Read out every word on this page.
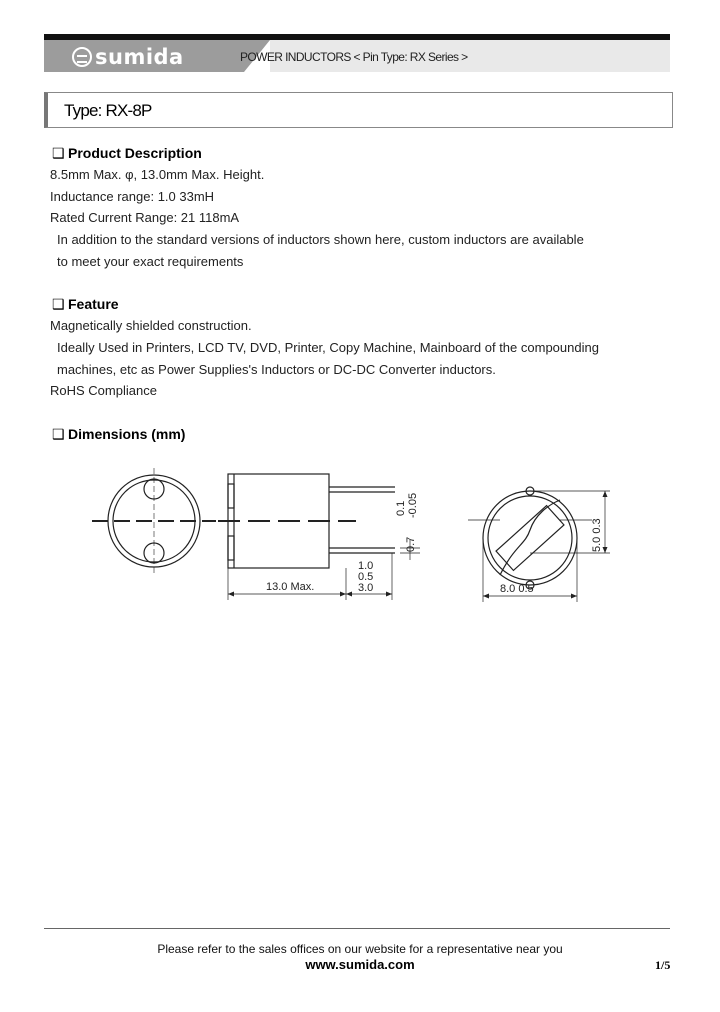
sumida	POWER INDUCTORS < Pin Type: RX Series >
Type: RX-8P
❑ Product Description
8.5mm Max. φ, 13.0mm Max. Height.
Inductance range: 1.0 33mH
Rated Current Range: 21 118mA
In addition to the standard versions of inductors shown here, custom inductors are available
to meet your exact requirements
❑ Feature
Magnetically shielded construction.
Ideally Used in Printers, LCD TV, DVD, Printer, Copy Machine, Mainboard of the compounding
machines, etc as Power Supplies's Inductors or DC-DC Converter inductors.
RoHS Compliance
❑ Dimensions (mm)
13.0 Max.	3.0
0.5
1.0
0.7
0.1 -0.05
5.0 0.3
8.0 0.5
Please refer to the sales offices on our website for a representative near you
www.sumida.com	1/5
